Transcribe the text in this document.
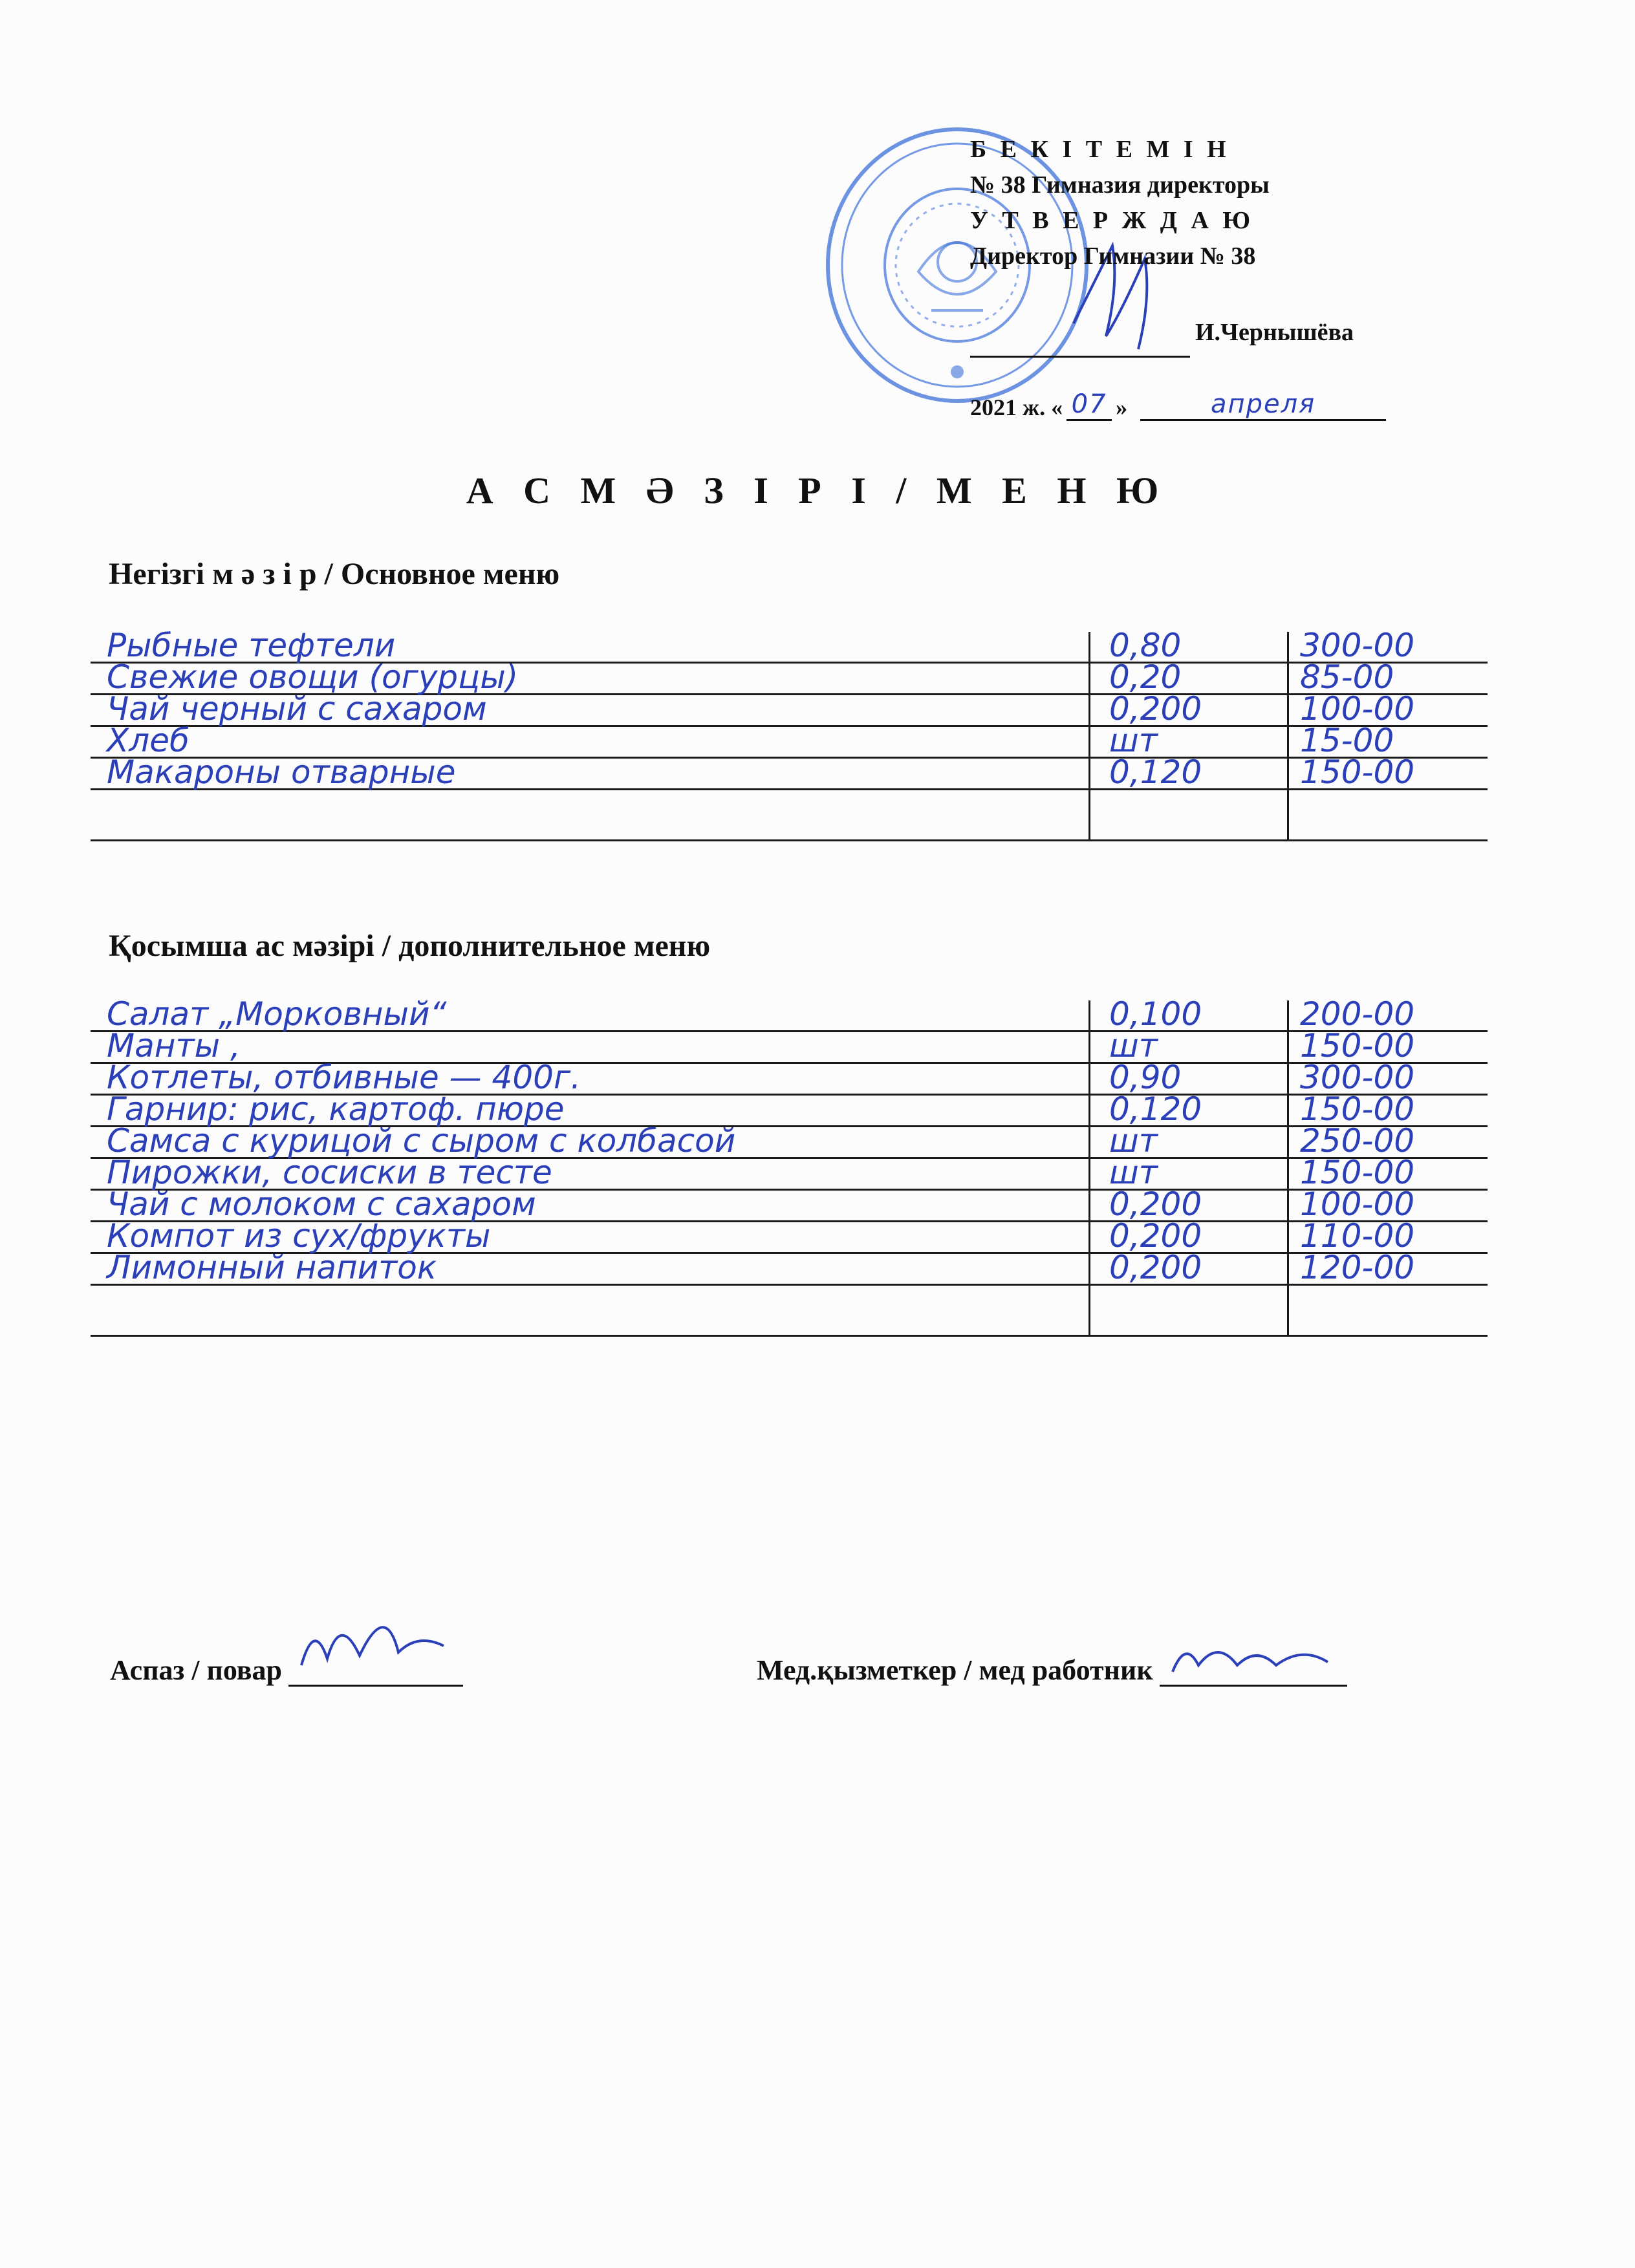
Б Е К І Т Е М І Н
№ 38 Гимназия директоры
У Т В Е Р Ж Д А Ю
Директор Гимназии № 38
И.Чернышёва
2021 ж. « 07 »	апреля
А С М Ә З І Р І / М Е Н Ю
Негізгі м ә з і р / Основное меню
Рыбные тефтели	0,80	300-00
Свежие овощи (огурцы)	0,20	85-00
Чай черный с сахаром	0,200	100-00
Хлеб	шт	15-00
Макароны отварные	0,120	150-00
Қосымша ас мәзірі / дополнительное меню
Салат „Морковный“	0,100	200-00
Манты ,	шт	150-00
Котлеты, отбивные — 400г.	0,90	300-00
Гарнир: рис, картоф. пюре	0,120	150-00
Самса с курицой с сыром с колбасой	шт	250-00
Пирожки, сосиски в тесте	шт	150-00
Чай с молоком с сахаром	0,200	100-00
Компот из сух/фрукты	0,200	110-00
Лимонный напиток	0,200	120-00
Аспаз / повар	Мед.қызметкер / мед работник
